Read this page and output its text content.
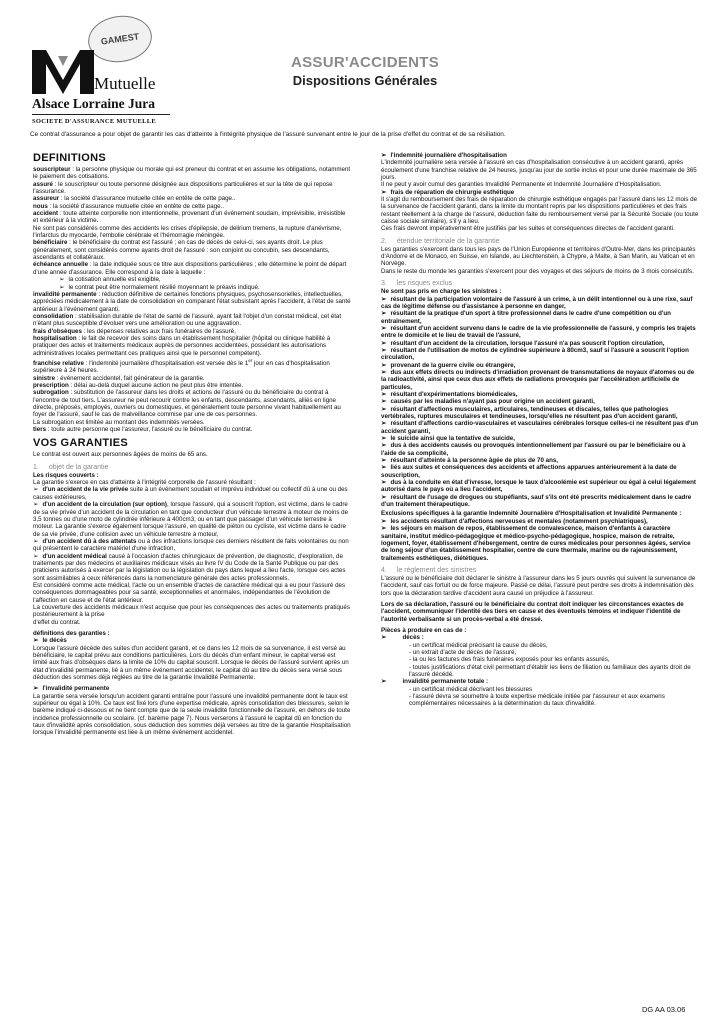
GAMEST
Mutuelle
Alsace Lorraine Jura
SOCIETE D'ASSURANCE MUTUELLE
ASSUR'ACCIDENTS
Dispositions Générales

Ce contrat d'assurance a pour objet de garantir les cas d'atteinte à l'intégrité physique de l'assuré survenant entre le jour de la prise d'effet du contrat et de sa résiliation.

DEFINITIONS

souscripteur : la personne physique ou morale qui est preneur du contrat et en assume les obligations, notamment le paiement des cotisations.

assuré : le souscripteur ou toute personne désignée aux dispositions particulières et sur la tête de qui repose l'assurance.

assureur : la société d'assurance mutuelle citée en entête de cette page..

nous : la société d'assurance mutuelle citée en entête de cette page..

accident : toute atteinte corporelle non intentionnelle, provenant d'un événement soudain, imprévisible, irrésistible et extérieur à la victime.

Ne sont pas considérés comme des accidents les crises d'épilepsie, de delirium tremens, la rupture d'anévrisme, l'infarctus du myocarde, l'embolie cérébrale et l'hémorragie méningée.

bénéficiaire : le bénéficiaire du contrat est l'assuré ; en cas de décès de celui-ci, ses ayants droit. Le plus généralement, sont considérés comme ayants droit de l'assuré : son conjoint ou concubin, ses descendants, ascendants et collatéraux.

échéance annuelle : la date indiquée sous ce titre aux dispositions particulières ; elle détermine le point de départ d'une année d'assurance. Elle correspond à la date à laquelle :

➢ la cotisation annuelle est exigible,

➢ le contrat peut être normalement résilié moyennant le préavis indiqué.

invalidité permanente : réduction définitive de certaines fonctions physiques, psychosensorielles, intellectuelles, appréciées médicalement à la date de consolidation en comparant l'état subsistant après l'accident, à l'état de santé antérieur à l'événement garanti.

consolidation : stabilisation durable de l'état de santé de l'assuré, ayant fait l'objet d'un constat médical, cet état n'étant plus susceptible d'évoluer vers une amélioration ou une aggravation.

frais d'obsèques : les dépenses relatives aux frais funéraires de l'assuré,

hospitalisation : le fait de recevoir des soins dans un établissement hospitalier (hôpital ou clinique habilité à pratiquer des actes et traitements médicaux auprès de personnes accidentées, possédant les autorisations administratives locales permettant ces pratiques ainsi que le personnel compétent).

franchise relative : l'indemnité journalière d'hospitalisation est versée dès le 1er jour en cas d'hospitalisation supérieure à 24 heures.

sinistre : événement accidentel, fait générateur de la garantie.

prescription : délai au-delà duquel aucune action ne peut plus être intentée.

subrogation : substitution de l'assureur dans les droits et actions de l'assuré ou du bénéficiaire du contrat à l'encontre de tout tiers. L'assureur ne peut recourir contre les enfants, descendants, ascendants, alliés en ligne directe, préposés, employés, ouvriers ou domestiques, et généralement toute personne vivant habituellement au foyer de l'assuré, sauf le cas de malveillance commise par une de ces personnes.

La subrogation est limitée au montant des indemnités versées.

tiers : toute autre personne que l'assureur, l'assuré ou le bénéficiaire du contrat.

VOS GARANTIES

Le contrat est ouvert aux personnes âgées de moins de 65 ans.

1. objet de la garantie

Les risques couverts :

La garantie s'exerce en cas d'atteinte à l'intégrité corporelle de l'assuré résultant :

➢ d'un accident de la vie privée suite à un événement soudain et imprévu individuel ou collectif dû à une ou des causes extérieures,

➢ d'un accident de la circulation (sur option), lorsque l'assuré, qui a souscrit l'option, est victime, dans le cadre de sa vie privée d'un accident de la circulation en tant que conducteur d'un véhicule terrestre à moteur de moins de 3,5 tonnes ou d'une moto de cylindrée inférieure à 400cm3, ou en tant que passager d'un véhicule terrestre à moteur. La garantie s'exerce également lorsque l'assuré, en qualité de piéton ou cycliste, est victime dans le cadre de sa vie privée, d'une collision avec un véhicule terrestre à moteur,

➢ d'un accident dû à des attentats ou à des infractions lorsque ces derniers résultent de faits volontaires ou non qui présentent le caractère matériel d'une infraction,

➢ d'un accident médical causé à l'occasion d'actes chirurgicaux de prévention, de diagnostic, d'exploration, de traitements par des médecins et auxiliaires médicaux visés au livre IV du Code de la Santé Publique ou par des praticiens autorisés à exercer par la législation ou la législation du pays dans lequel a lieu l'acte, lorsque ces actes sont assimilables à ceux référencés dans la nomenclature générale des actes professionnels.

Est considéré comme acte médical, l'acte ou un ensemble d'actes de caractère médical qui a eu pour l'assuré des conséquences dommageables pour sa santé, exceptionnelles et anormales, indépendantes de l'évolution de l'affection en cause et de l'état antérieur.

La couverture des accidents médicaux n'est acquise que pour les conséquences des actes ou traitements pratiqués postérieurement à la prise

d'effet du contrat.

définitions des garanties :

➢ le décès

Lorsque l'assuré décède des suites d'un accident garanti, et ce dans les 12 mois de sa survenance, il est versé au bénéficiaire, le capital prévu aux conditions particulières. Lors du décès d'un enfant mineur, le capital versé est limité aux frais d'obsèques dans la limite de 10% du capital souscrit. Lorsque le décès de l'assuré survient après un état d'invalidité permanente, lié à un même événement accidentel, le capital dû au titre du décès sera versé sous déduction des sommes déjà réglées au titre de la garantie Invalidité Permanente.

➢ l'invalidité permanente

La garantie sera versée lorsqu'un accident garanti entraîne pour l'assuré une invalidité permanente dont le taux est supérieur ou égal à 10%. Ce taux est fixé lors d'une expertise médicale, après consolidation des blessures, selon le barème indiqué ci-dessous et ne tient compte que de la seule invalidité fonctionnelle de l'assuré, en dehors de toute incidence professionnelle ou scolaire. (cf. barème page 7). Nous verserons à l'assuré le capital dû en fonction du taux d'invalidité après consolidation, sous déduction des sommes déjà versées au titre de la garantie Hospitalisation lorsque l'invalidité permanente est liée à un même événement accidentel.

➢ l'indemnité journalière d'hospitalisation

L'indemnité journalière sera versée à l'assuré en cas d'hospitalisation consécutive à un accident garanti, après écoulement d'une franchise relative de 24 heures, jusqu'au jour de sortie inclus et pour une durée maximale de 365 jours.

Il ne peut y avoir cumul des garanties Invalidité Permanente et Indemnité Journalière d'Hospitalisation.

➢ frais de réparation de chirurgie esthétique

Il s'agit du remboursement des frais de réparation de chirurgie esthétique engagés par l'assuré dans les 12 mois de la survenance de l'accident garanti, dans la limite du montant repris par les dispositions particulières et des frais restant réellement à la charge de l'assuré, déduction faite du remboursement versé par la Sécurité Sociale (ou toute caisse sociale similaire), s'il y a lieu.

Ces frais devront impérativement être justifiés par les suites et conséquences directes de l'accident garanti.

2. étendue territoriale de la garantie

Les garanties s'exercent dans tous les pays de l'Union Européenne et territoires d'Outre-Mer, dans les principautés d'Andorre et de Monaco, en Suisse, en Islande, au Liechtenstein, à Chypre, à Malte, à San Marin, au Vatican et en Norvège.

Dans le reste du monde les garanties s'exercent pour des voyages et des séjours de moins de 3 mois consécutifs.

3. les risques exclus

Ne sont pas pris en charge les sinistres :

➢ résultant de la participation volontaire de l'assuré à un crime, à un délit intentionnel ou à une rixe, sauf cas de légitime défense ou d'assistance à personne en danger,

➢ résultant de la pratique d'un sport à titre professionnel dans le cadre d'une compétition ou d'un entraînement,

➢ résultant d'un accident survenu dans le cadre de la vie professionnelle de l'assuré, y compris les trajets entre le domicile et le lieu de travail de l'assuré,

➢ résultant d'un accident de la circulation, lorsque l'assuré n'a pas souscrit l'option circulation,

➢ résultant de l'utilisation de motos de cylindrée supérieure à 80cm3, sauf si l'assuré a souscrit l'option circulation,

➢ provenant de la guerre civile ou étrangère,

➢ dus aux effets directs ou indirects d'irradiation provenant de transmutations de noyaux d'atomes ou de la radioactivité, ainsi que ceux dus aux effets de radiations provoqués par l'accélération artificielle de particules,

➢ résultant d'expérimentations biomédicales,

➢ causés par les maladies n'ayant pas pour origine un accident garanti,

➢ résultant d'affections musculaires, articulaires, tendineuses et discales, telles que pathologies vertébrales, ruptures musculaires et tendineuses, lorsqu'elles ne résultent pas d'un accident garanti,

➢ résultant d'affections cardio-vasculaires et vasculaires cérébrales lorsque celles-ci ne résultent pas d'un accident garanti,

➢ le suicide ainsi que la tentative de suicide,

➢ dus à des accidents causés ou provoqués intentionnellement par l'assuré ou par le bénéficiaire ou à l'aide de sa complicité,

➢ résultant d'atteinte à la personne âgée de plus de 70 ans,

➢ liés aux suites et conséquences des accidents et affections apparues antérieurement à la date de souscription,

➢ dus à la conduite en état d'ivresse, lorsque le taux d'alcoolémie est supérieur ou égal à celui légalement autorisé dans le pays où a lieu l'accident,

➢ résultant de l'usage de drogues ou stupéfiants, sauf s'ils ont été prescrits médicalement dans le cadre d'un traitement thérapeutique.

Exclusions spécifiques à la garantie Indemnité Journalière d'Hospitalisation et Invalidité Permanente :

➢ les accidents résultant d'affections nerveuses et mentales (notamment psychiatriques),

➢ les séjours en maison de repos, établissement de convalescence, maison d'enfants à caractère sanitaire, institut médico-pédagogique et médico-psycho-pédagogique, hospice, maison de retraite, logement, foyer, établissement d'hébergement, centre de cures médicales pour personnes âgées, service de long séjour d'un établissement hospitalier, centre de cure thermale, marine ou de rajeunissement, traitements esthétiques, diététiques.

4. le règlement des sinistres

L'assuré ou le bénéficiaire doit déclarer le sinistre à l'assureur dans les 5 jours ouvrés qui suivent la survenance de l'accident, sauf cas fortuit ou de force majeure. Passé ce délai, l'assuré peut perdre ses droits à indemnisation dès lors que la déclaration tardive d'accident aura causé un préjudice à l'assureur.

Lors de sa déclaration, l'assuré ou le bénéficiaire du contrat doit indiquer les circonstances exactes de l'accident, communiquer l'identité des tiers en cause et des éventuels témoins et indiquer l'identité de l'autorité verbalisante si un procès-verbal a été dressé.

Pièces à produire en cas de :

➢	décès :

- un certificat médical précisant la cause du décès,

- un extrait d'acte de décès de l'assuré,

- la ou les factures des frais funéraires exposés pour les enfants assurés,

- toutes justifications d'état civil permettant d'établir les liens de filiation ou familiaux des ayants droit de l'assuré décédé.

➢	invalidité permanente totale :

- un certificat médical décrivant les blessures

- l'assuré devra se soumettre à toute expertise médicale initiée par l'assureur et aux examens complémentaires nécessaires à la détermination du taux d'invalidité.

DG AA 03.06
